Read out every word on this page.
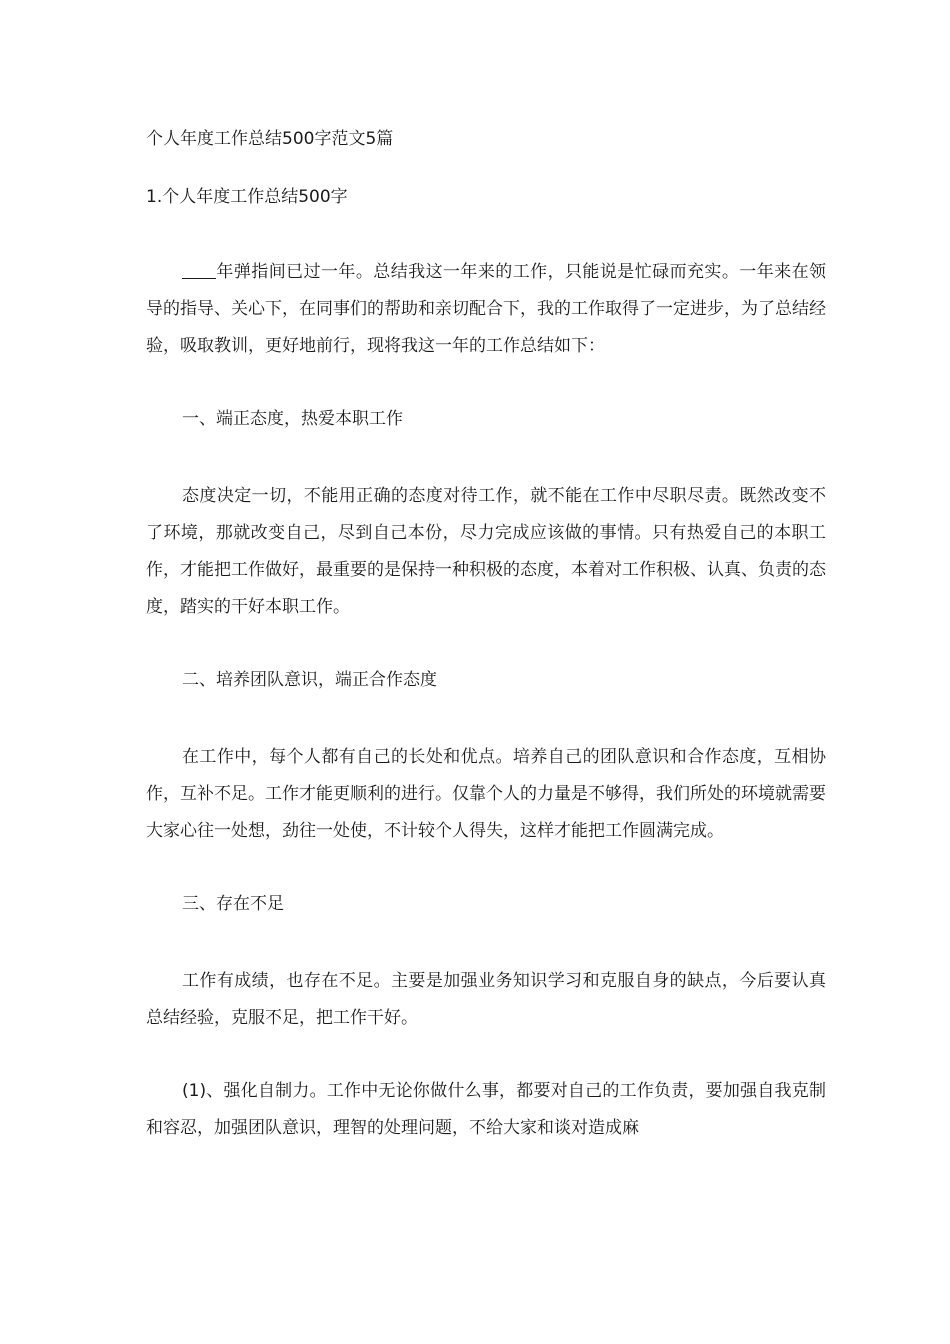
个人年度工作总结500字范文5篇
1.个人年度工作总结500字

年弹指间已过一年。总结我这一年来的工作，只能说是忙碌而充实。一年来在领导的指导、关心下，在同事们的帮助和亲切配合下，我的工作取得了一定进步，为了总结经验，吸取教训，更好地前行，现将我这一年的工作总结如下：

一、端正态度，热爱本职工作

态度决定一切，不能用正确的态度对待工作，就不能在工作中尽职尽责。既然改变不了环境，那就改变自己，尽到自己本份，尽力完成应该做的事情。只有热爱自己的本职工作，才能把工作做好，最重要的是保持一种积极的态度，本着对工作积极、认真、负责的态度，踏实的干好本职工作。

二、培养团队意识，端正合作态度

在工作中，每个人都有自己的长处和优点。培养自己的团队意识和合作态度，互相协作，互补不足。工作才能更顺利的进行。仅靠个人的力量是不够得，我们所处的环境就需要大家心往一处想，劲往一处使，不计较个人得失，这样才能把工作圆满完成。

三、存在不足

工作有成绩，也存在不足。主要是加强业务知识学习和克服自身的缺点，今后要认真总结经验，克服不足，把工作干好。

(1)、强化自制力。工作中无论你做什么事，都要对自己的工作负责，要加强自我克制和容忍，加强团队意识，理智的处理问题，不给大家和谈对造成麻
